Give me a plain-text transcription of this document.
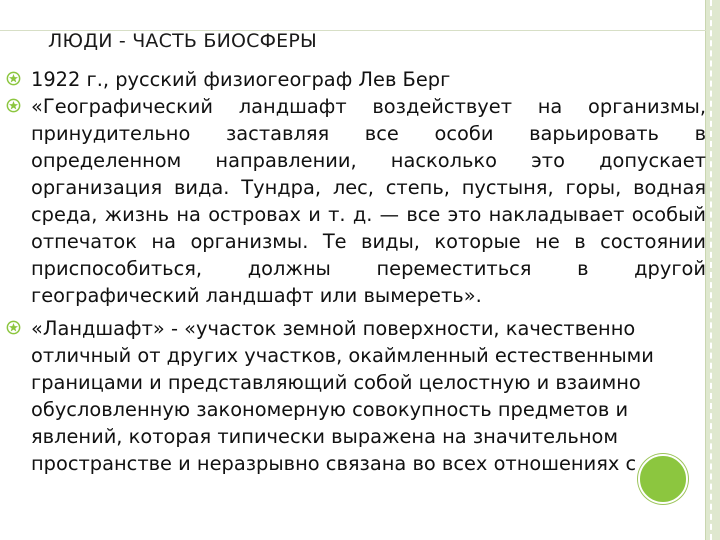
ЛЮДИ - ЧАСТЬ БИОСФЕРЫ

1922 г., русский физиогеограф Лев Берг

«Географический ландшафт воздействует на организмы, принудительно заставляя все особи варьировать в определенном направлении, насколько это допускает организация вида. Тундра, лес, степь, пустыня, горы, водная среда, жизнь на островах и т. д. — все это накладывает особый отпечаток на организмы. Те виды, которые не в состоянии приспособиться, должны переместиться в другой географический ландшафт или вымереть».

«Ландшафт» - «участок земной поверхности, качественно отличный от других участков, окаймленный естественными границами и представляющий собой целостную и взаимно обусловленную закономерную совокупность предметов и явлений, которая типически выражена на значительном пространстве и неразрывно связана во всех отношениях с
